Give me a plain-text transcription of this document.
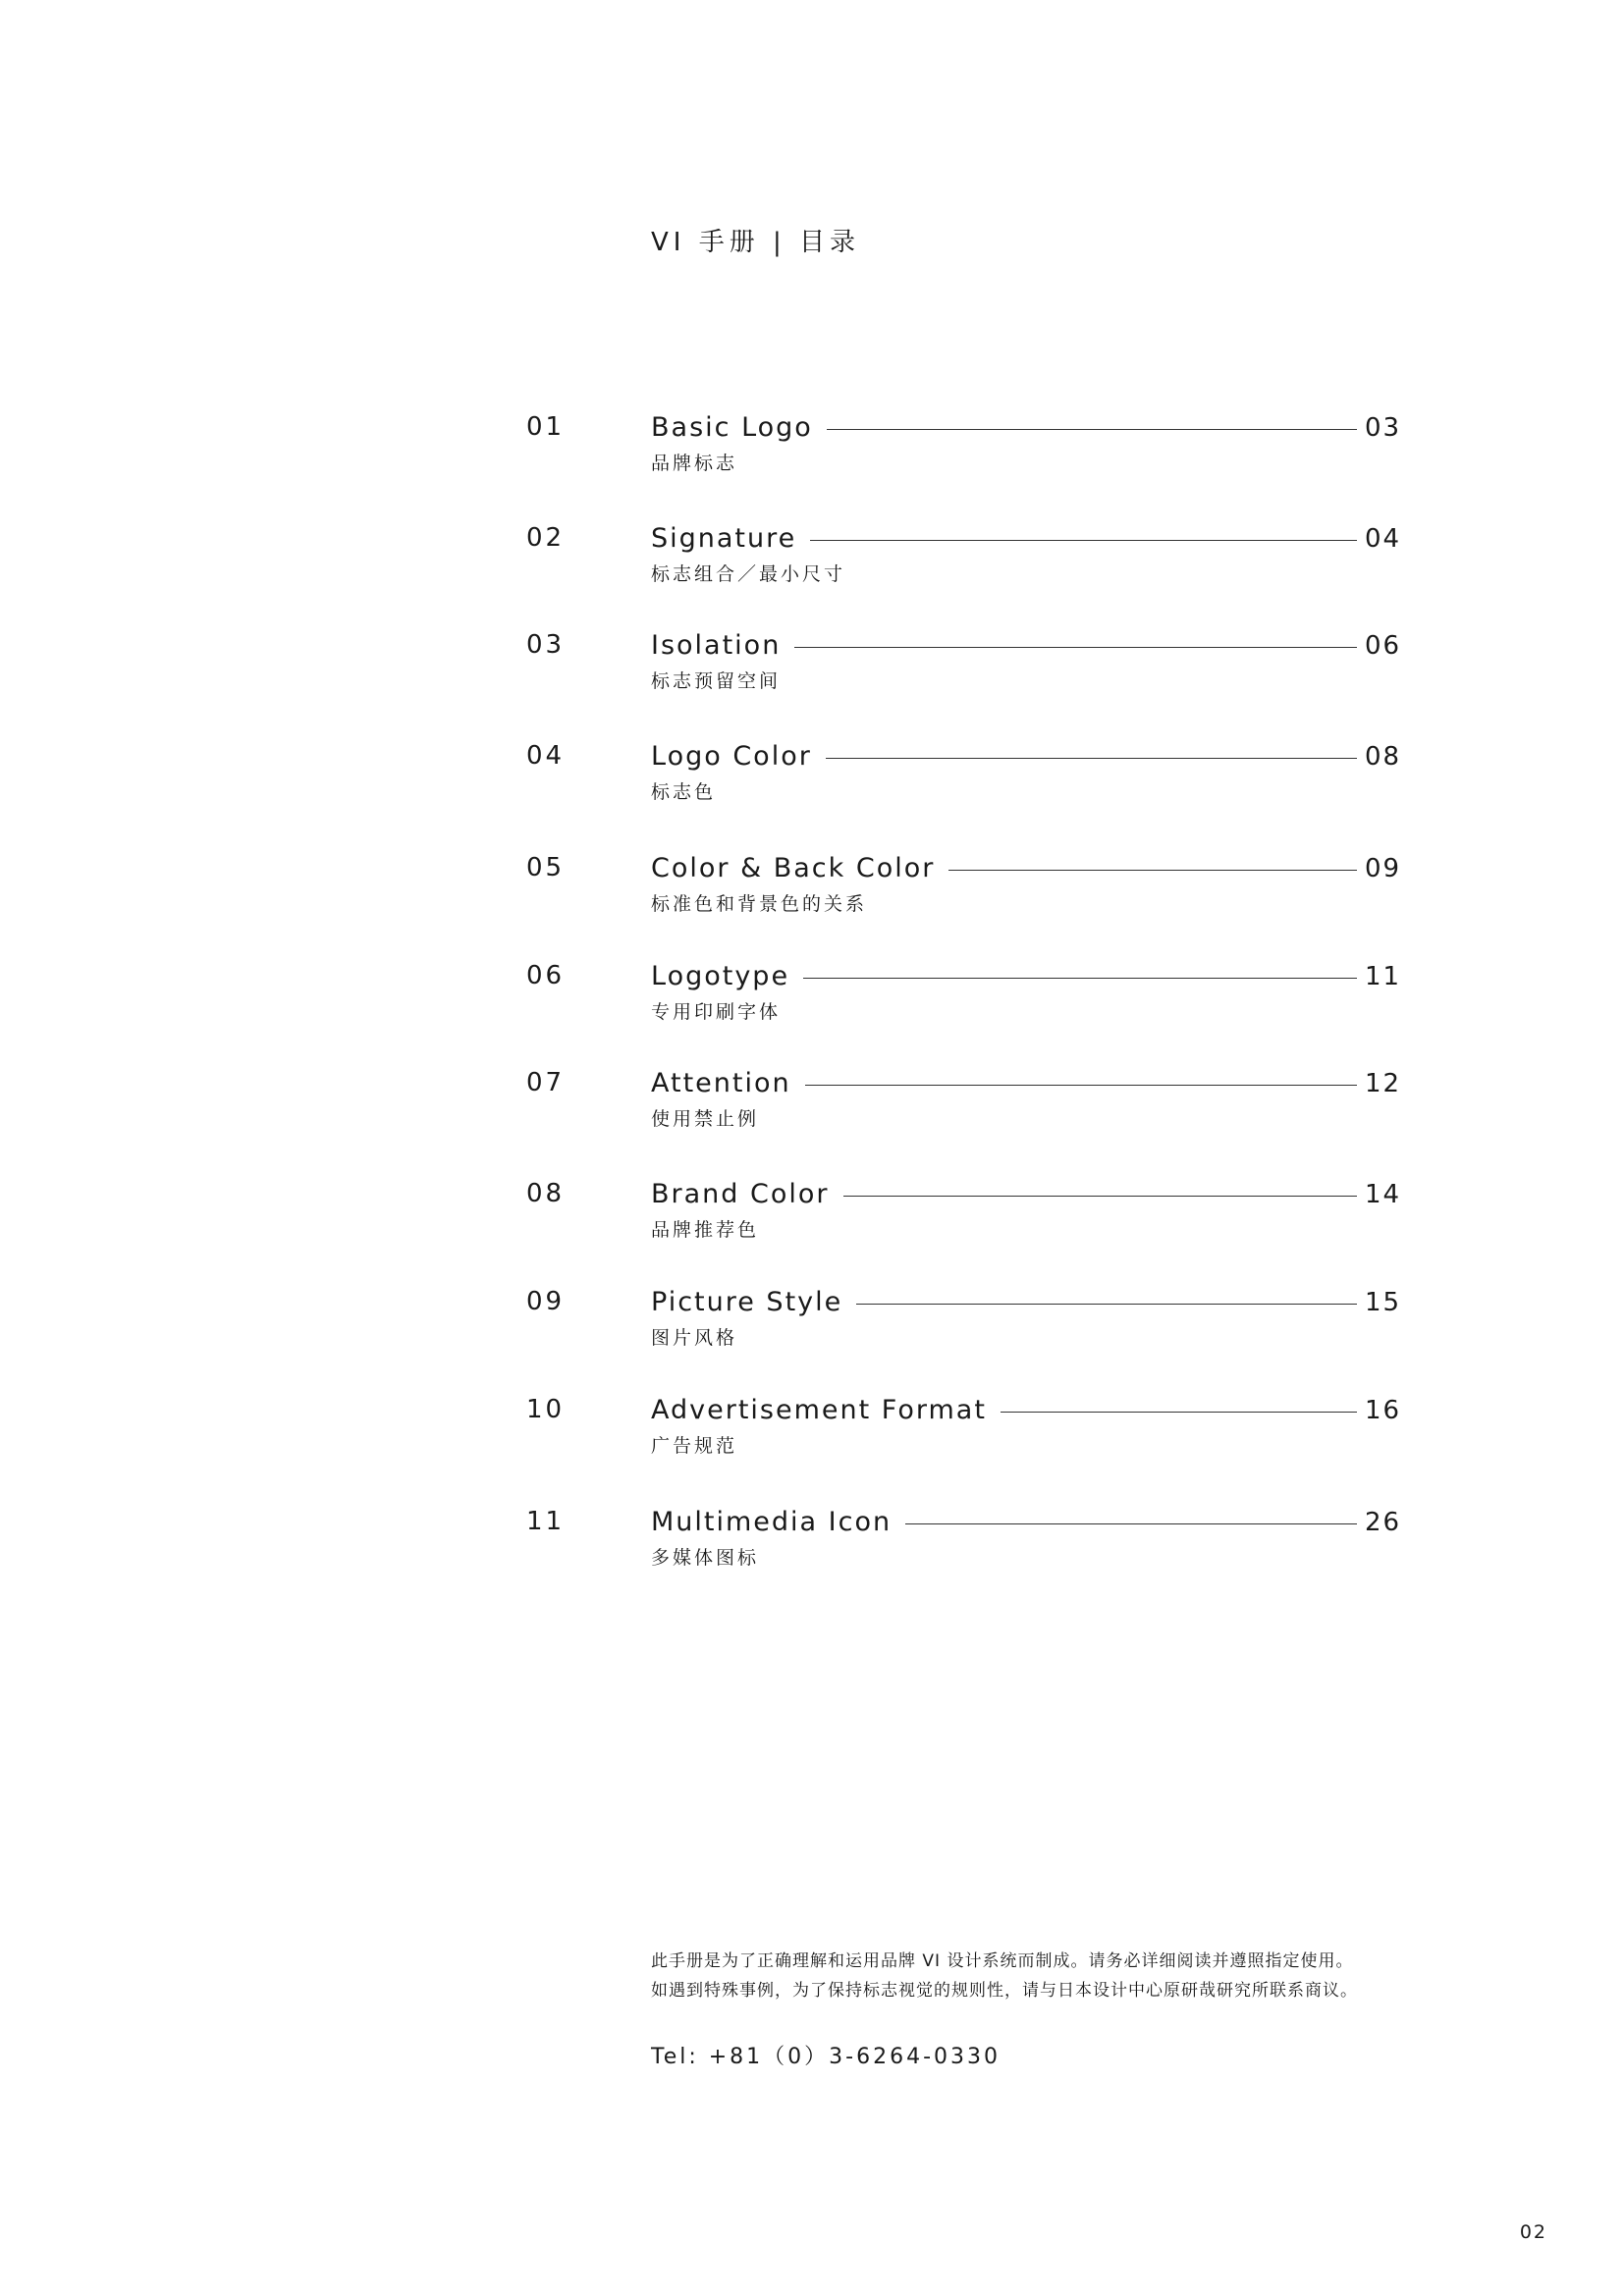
VI 手册 | 目录
01	Basic Logo	03
品牌标志
02	Signature	04
标志组合／最小尺寸
03	Isolation	06
标志预留空间
04	Logo Color	08
标志色
05	Color & Back Color	09
标准色和背景色的关系
06	Logotype	11
专用印刷字体
07	Attention	12
使用禁止例
08	Brand Color	14
品牌推荐色
09	Picture Style	15
图片风格
10	Advertisement Format	16
广告规范
11	Multimedia Icon	26
多媒体图标
此手册是为了正确理解和运用品牌 VI 设计系统而制成。请务必详细阅读并遵照指定使用。
如遇到特殊事例，为了保持标志视觉的规则性，请与日本设计中心原研哉研究所联系商议。
Tel: +81（0）3-6264-0330
02
